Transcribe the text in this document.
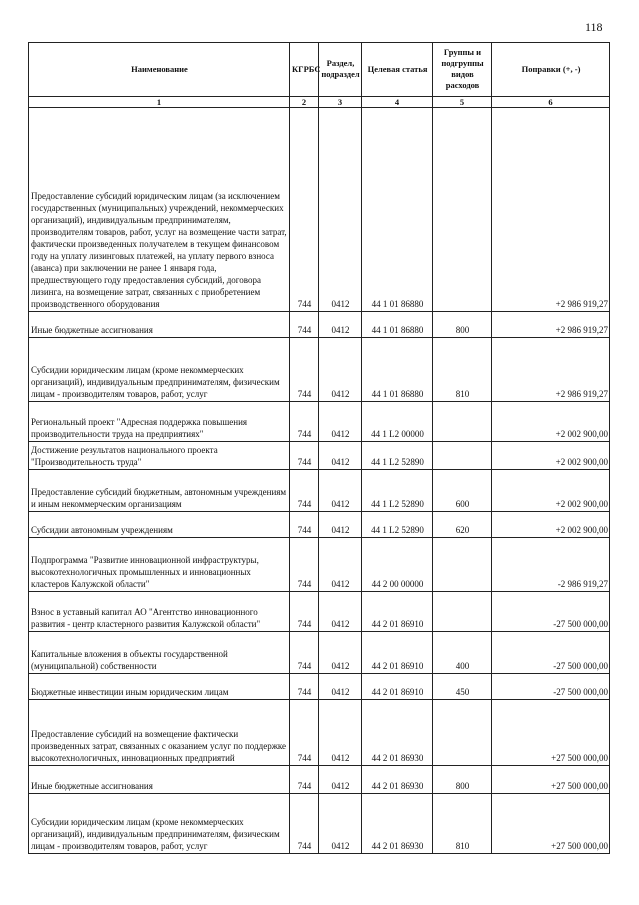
118
Наименование	КГРБС	Раздел, подраздел	Целевая статья	Группы и подгруппы видов расходов	Поправки (+, -)
1	2	3	4	5	6
Предоставление субсидий юридическим лицам (за исключением государственных (муниципальных) учреждений, некоммерческих организаций), индивидуальным предпринимателям, производителям товаров, работ, услуг на возмещение части затрат, фактически произведенных получателем в текущем финансовом году на уплату лизинговых платежей, на уплату первого взноса (аванса) при заключении не ранее 1 января года, предшествующего году предоставления субсидий, договора лизинга, на возмещение затрат, связанных с приобретением производственного оборудования	744	0412	44 1 01 86880		+2 986 919,27
Иные бюджетные ассигнования	744	0412	44 1 01 86880	800	+2 986 919,27
Субсидии юридическим лицам (кроме некоммерческих организаций), индивидуальным предпринимателям, физическим лицам - производителям товаров, работ, услуг	744	0412	44 1 01 86880	810	+2 986 919,27
Региональный проект "Адресная поддержка повышения производительности труда на предприятиях"	744	0412	44 1 L2 00000		+2 002 900,00
Достижение результатов национального проекта "Производительность труда"	744	0412	44 1 L2 52890		+2 002 900,00
Предоставление субсидий бюджетным, автономным учреждениям и иным некоммерческим организациям	744	0412	44 1 L2 52890	600	+2 002 900,00
Субсидии автономным учреждениям	744	0412	44 1 L2 52890	620	+2 002 900,00
Подпрограмма "Развитие инновационной инфраструктуры, высокотехнологичных промышленных и инновационных кластеров Калужской области"	744	0412	44 2 00 00000		-2 986 919,27
Взнос в уставный капитал АО "Агентство инновационного развития - центр кластерного развития Калужской области"	744	0412	44 2 01 86910		-27 500 000,00
Капитальные вложения в объекты государственной (муниципальной) собственности	744	0412	44 2 01 86910	400	-27 500 000,00
Бюджетные инвестиции иным юридическим лицам	744	0412	44 2 01 86910	450	-27 500 000,00
Предоставление субсидий на возмещение фактически произведенных затрат, связанных с оказанием услуг по поддержке высокотехнологичных, инновационных предприятий	744	0412	44 2 01 86930		+27 500 000,00
Иные бюджетные ассигнования	744	0412	44 2 01 86930	800	+27 500 000,00
Субсидии юридическим лицам (кроме некоммерческих организаций), индивидуальным предпринимателям, физическим лицам - производителям товаров, работ, услуг	744	0412	44 2 01 86930	810	+27 500 000,00
